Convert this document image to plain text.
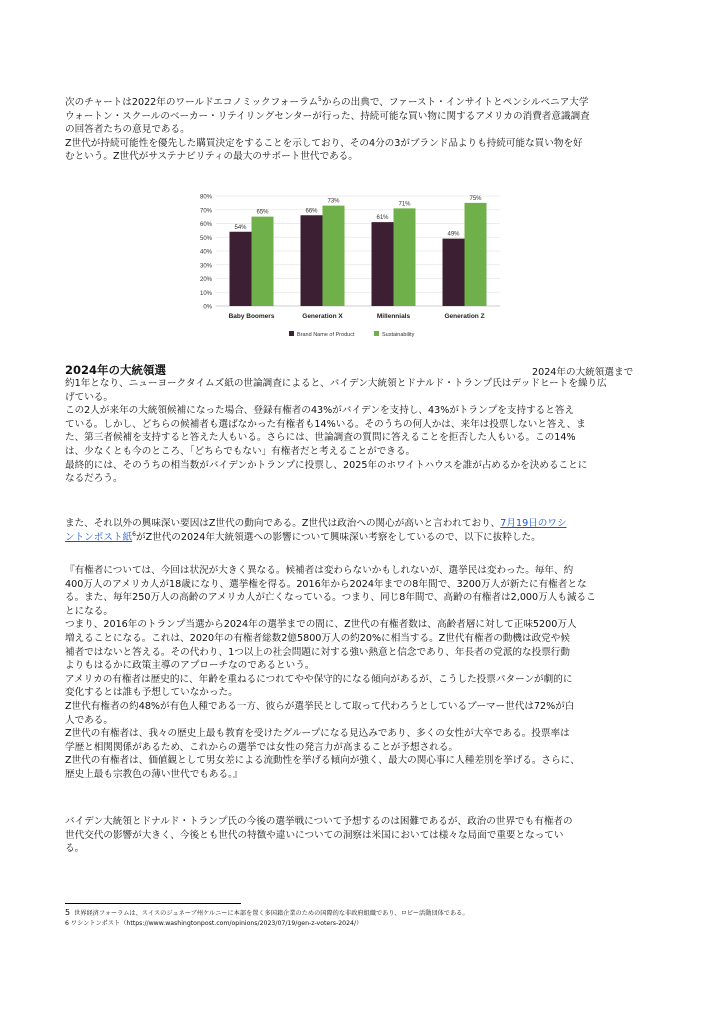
次のチャートは2022年のワールドエコノミックフォーラム$^5$からの出典で、ファースト・インサイトとペンシルベニア大学
ウォートン・スクールのベーカー・リテイリングセンターが行った、持続可能な買い物に関するアメリカの消費者意識調査
の回答者たちの意見である。
Z世代が持続可能性を優先した購買決定をすることを示しており、その4分の3がブランド品よりも持続可能な買い物を好
むという。Z世代がサステナビリティの最大のサポート世代である。

0%
10%
20%
30%
40%
50%
60%
70%
80%
54%
65%
Baby Boomers
66%
73%
Generation X
61%
71%
Millennials
49%
75%
Generation Z
Brand Name of Product	Sustainability
2024年の大統領選	2024年の大統領選まで

約1年となり、ニューヨークタイムズ紙の世論調査によると、バイデン大統領とドナルド・トランプ氏はデッドヒートを繰り広
げている。
この2人が来年の大統領候補になった場合、登録有権者の43%がバイデンを支持し、43%がトランプを支持すると答え
ている。しかし、どちらの候補者も選ばなかった有権者も14%いる。そのうちの何人かは、来年は投票しないと答え、ま
た、第三者候補を支持すると答えた人もいる。さらには、世論調査の質問に答えることを拒否した人もいる。この14%
は、少なくとも今のところ、「どちらでもない」有権者だと考えることができる。
最終的には、そのうちの相当数がバイデンかトランプに投票し、2025年のホワイトハウスを誰が占めるかを決めることに
なるだろう。

また、それ以外の興味深い要因はZ世代の動向である。Z世代は政治への関心が高いと言われており、7月19日のワシ
ントンポスト紙$^6$がZ世代の2024年大統領選への影響について興味深い考察をしているので、以下に抜粋した。

『有権者については、今回は状況が大きく異なる。候補者は変わらないかもしれないが、選挙民は変わった。毎年、約
400万人のアメリカ人が18歳になり、選挙権を得る。2016年から2024年までの8年間で、3200万人が新たに有権者とな
る。また、毎年250万人の高齢のアメリカ人が亡くなっている。つまり、同じ8年間で、高齢の有権者は2,000万人も減るこ
とになる。
つまり、2016年のトランプ当選から2024年の選挙までの間に、Z世代の有権者数は、高齢者層に対して正味5200万人
増えることになる。これは、2020年の有権者総数2億5800万人の約20%に相当する。Z世代有権者の動機は政党や候
補者ではないと答える。その代わり、1つ以上の社会問題に対する強い熱意と信念であり、年長者の党派的な投票行動
よりもはるかに政策主導のアプローチなのであるという。
アメリカの有権者は歴史的に、年齢を重ねるにつれてやや保守的になる傾向があるが、こうした投票パターンが劇的に
変化するとは誰も予想していなかった。
Z世代有権者の約48%が有色人種である一方、彼らが選挙民として取って代わろうとしているブーマー世代は72%が白
人である。
Z世代の有権者は、我々の歴史上最も教育を受けたグループになる見込みであり、多くの女性が大卒である。投票率は
学歴と相関関係があるため、これからの選挙では女性の発言力が高まることが予想される。
Z世代の有権者は、価値観として男女差による流動性を挙げる傾向が強く、最大の関心事に人種差別を挙げる。さらに、
歴史上最も宗教色の薄い世代でもある。』

バイデン大統領とドナルド・トランプ氏の今後の選挙戦について予想するのは困難であるが、政治の世界でも有権者の
世代交代の影響が大きく、今後とも世代の特徴や違いについての洞察は米国においては様々な局面で重要となってい
る。

5 世界経済フォーラムは、スイスのジュネーブ州ケルニーに本部を置く多国籍企業のための国際的な非政府組織であり、ロビー活動団体である。
6 ワシントンポスト（https://www.washingtonpost.com/opinions/2023/07/19/gen-z-voters-2024/）
